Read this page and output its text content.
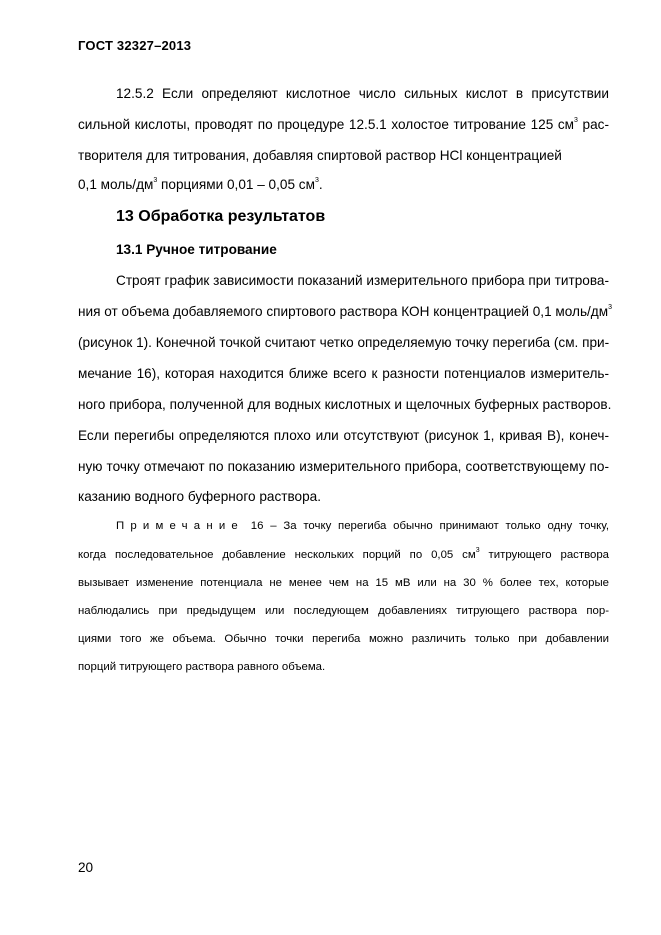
ГОСТ 32327–2013
12.5.2 Если определяют кислотное число сильных кислот в присутствии
сильной кислоты, проводят по процедуре 12.5.1 холостое титрование 125 $см^3$ рас-
творителя для титрования, добавляя спиртовой раствор HCl концентрацией
0,1 моль/$дм^3$ порциями 0,01 – 0,05 $см^3$.
13 Обработка результатов
13.1 Ручное титрование
Строят график зависимости показаний измерительного прибора при титрова-
ния от объема добавляемого спиртового раствора КОН концентрацией 0,1 моль/$дм^3$
(рисунок 1). Конечной точкой считают четко определяемую точку перегиба (см. при-
мечание 16), которая находится ближе всего к разности потенциалов измеритель-
ного прибора, полученной для водных кислотных и щелочных буферных растворов.
Если перегибы определяются плохо или отсутствуют (рисунок 1, кривая В), конеч-
ную точку отмечают по показанию измерительного прибора, соответствующему по-
казанию водного буферного раствора.
Примечание 16 – За точку перегиба обычно принимают только одну точку,
когда последовательное добавление нескольких порций по 0,05 $см^3$ титрующего раствора
вызывает изменение потенциала не менее чем на 15 мВ или на 30 % более тех, которые
наблюдались при предыдущем или последующем добавлениях титрующего раствора пор-
циями того же объема. Обычно точки перегиба можно различить только при добавлении
порций титрующего раствора равного объема.
20
